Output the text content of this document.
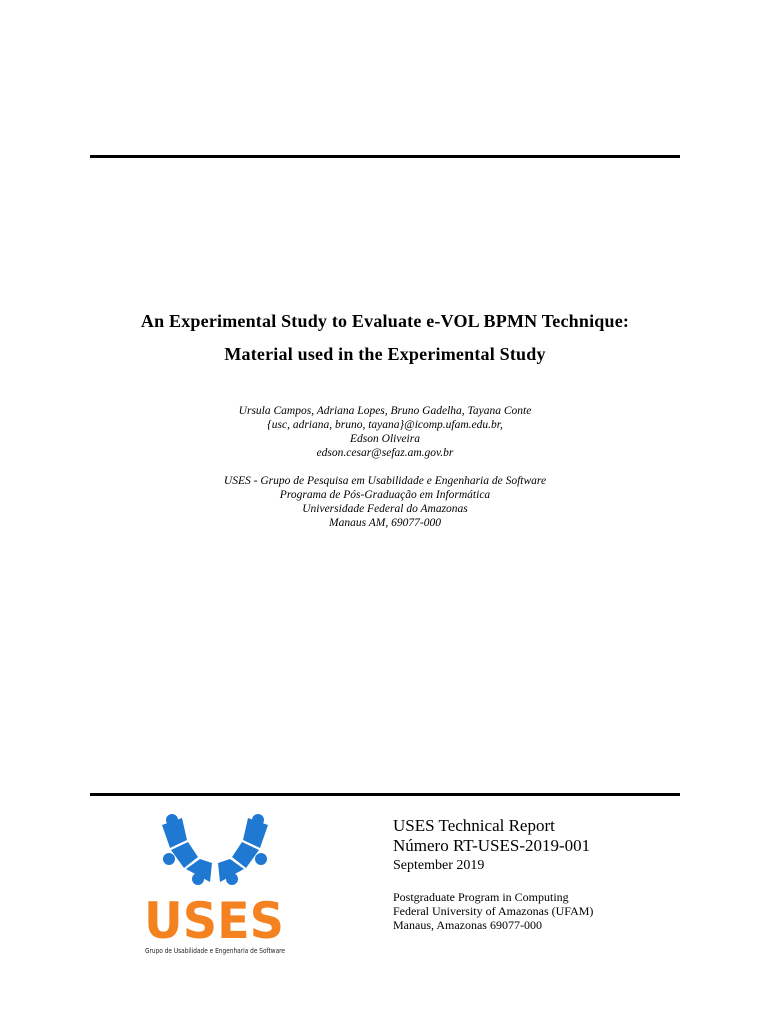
An Experimental Study to Evaluate e-VOL BPMN Technique:
Material used in the Experimental Study
Ursula Campos, Adriana Lopes, Bruno Gadelha, Tayana Conte
{usc, adriana, bruno, tayana}@icomp.ufam.edu.br,
Edson Oliveira
edson.cesar@sefaz.am.gov.br
USES - Grupo de Pesquisa em Usabilidade e Engenharia de Software
Programa de Pós-Graduação em Informática
Universidade Federal do Amazonas
Manaus AM, 69077-000
USES
Grupo de Usabilidade e Engenharia de Software
USES Technical Report
Número RT-USES-2019-001
September 2019
Postgraduate Program in Computing
Federal University of Amazonas (UFAM)
Manaus, Amazonas 69077-000
